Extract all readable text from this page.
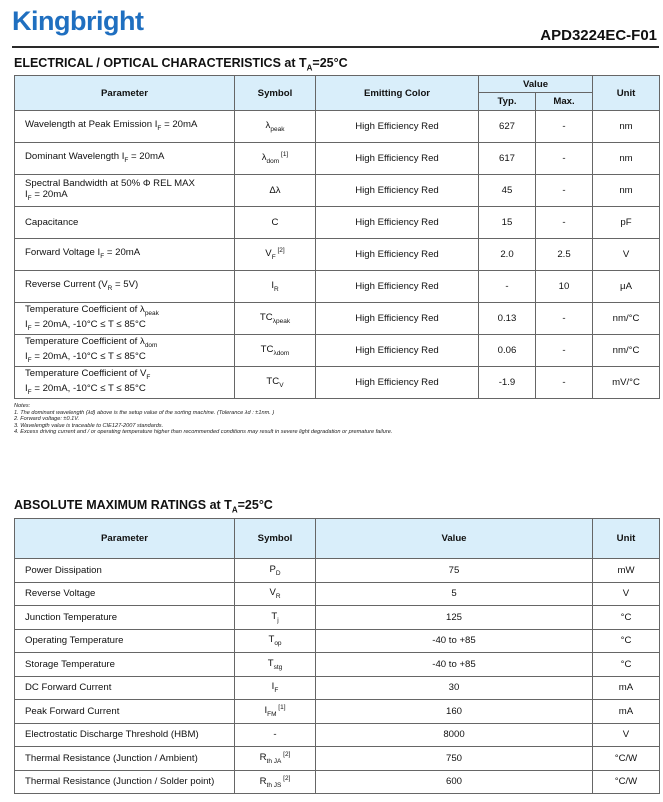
Kingbright	APD3224EC-F01
ELECTRICAL / OPTICAL CHARACTERISTICS at $T_A=25^\circ C$
Parameter	Symbol	Emitting Color	Value		Unit
			Typ.	Max.	

Wavelength at Peak Emission $I_F = 20mA$	$\lambda_{peak}$	High Efficiency Red	627	-	nm

Dominant Wavelength $I_F = 20mA$	$\lambda_{dom}$ [1]	High Efficiency Red	617	-	nm

Spectral Bandwidth at 50% Φ REL MAX
$I_F = 20mA$	Δλ	High Efficiency Red	45	-	nm

Capacitance	C	High Efficiency Red	15	-	pF

Forward Voltage $I_F = 20mA$	$V_F$ [2]	High Efficiency Red	2.0	2.5	V

Reverse Current $(V_R = 5V)$	$I_R$	High Efficiency Red	-	10	μA

Temperature Coefficient of $\lambda_{peak}$
$I_F = 20mA$, -10°C ≤ T ≤ 85°C	$TC_{\lambda peak}$	High Efficiency Red	0.13	-	nm/°C

Temperature Coefficient of $\lambda_{dom}$
$I_F = 20mA$, -10°C ≤ T ≤ 85°C	$TC_{\lambda dom}$	High Efficiency Red	0.06	-	nm/°C

Temperature Coefficient of $V_F$
$I_F = 20mA$, -10°C ≤ T ≤ 85°C	$TC_V$	High Efficiency Red	-1.9	-	mV/°C
Notes:
1. The dominant wavelength (λd) above is the setup value of the sorting machine. (Tolerance λd : ±1nm. )
2. Forward voltage: ±0.1V.
3. Wavelength value is traceable to CIE127-2007 standards.
4. Excess driving current and / or operating temperature higher than recommended conditions may result in severe light degradation or premature failure.
ABSOLUTE MAXIMUM RATINGS at $T_A=25^\circ C$
Parameter	Symbol	Value	Unit
Power Dissipation	$P_D$	75	mW
Reverse Voltage	$V_R$	5	V
Junction Temperature	$T_j$	125	°C
Operating Temperature	$T_{op}$	-40 to +85	°C
Storage Temperature	$T_{stg}$	-40 to +85	°C
DC Forward Current	$I_F$	30	mA
Peak Forward Current	$I_{FM}$ [1]	160	mA
Electrostatic Discharge Threshold (HBM)	-	8000	V
Thermal Resistance (Junction / Ambient)	$R_{th JA}$ [2]	750	°C/W
Thermal Resistance (Junction / Solder point)	$R_{th JS}$ [2]	600	°C/W
